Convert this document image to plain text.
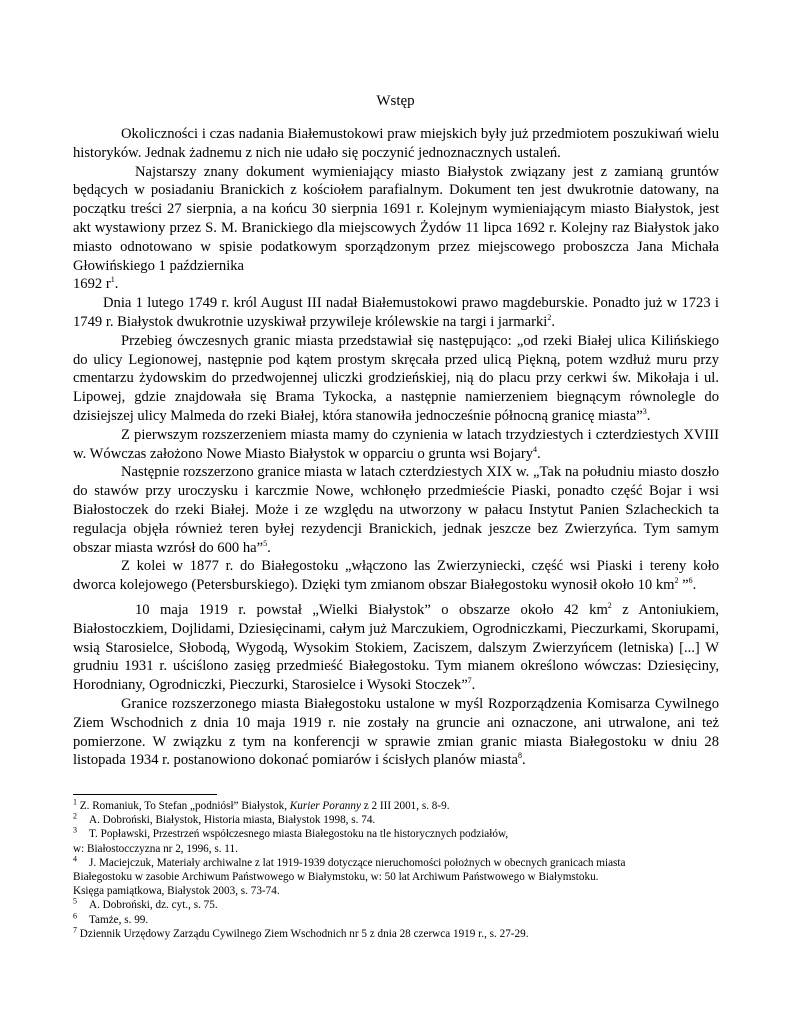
Wstęp

Okoliczności i czas nadania Białemustokowi praw miejskich były już przedmiotem poszukiwań wielu historyków. Jednak żadnemu z nich nie udało się poczynić jednoznacznych ustaleń.

Najstarszy znany dokument wymieniający miasto Białystok związany jest z zamianą gruntów będących w posiadaniu Branickich z kościołem parafialnym. Dokument ten jest dwukrotnie datowany, na początku treści 27 sierpnia, a na końcu 30 sierpnia 1691 r. Kolejnym wymieniającym miasto Białystok, jest akt wystawiony przez S. M. Branickiego dla miejscowych Żydów 11 lipca 1692 r. Kolejny raz Białystok jako miasto odnotowano w spisie podatkowym sporządzonym przez miejscowego proboszcza Jana Michała Głowińskiego 1 października

1692 $r^1$.

Dnia 1 lutego 1749 r. król August III nadał Białemustokowi prawo magdeburskie. Ponadto już w 1723 i 1749 r. Białystok dwukrotnie uzyskiwał przywileje królewskie na targi i jarmarki$^2$.

Przebieg ówczesnych granic miasta przedstawiał się następująco: „od rzeki Białej ulica Kilińskiego do ulicy Legionowej, następnie pod kątem prostym skręcała przed ulicą Piękną, potem wzdłuż muru przy cmentarzu żydowskim do przedwojennej uliczki grodzieńskiej, nią do placu przy cerkwi św. Mikołaja i ul. Lipowej, gdzie znajdowała się Brama Tykocka, a następnie namierzeniem biegnącym równolegle do dzisiejszej ulicy Malmeda do rzeki Białej, która stanowiła jednocześnie północną granicę miasta”$^3$.

Z pierwszym rozszerzeniem miasta mamy do czynienia w latach trzydziestych i czterdziestych XVIII w. Wówczas założono Nowe Miasto Białystok w opparciu o grunta wsi Bojary$^4$.

Następnie rozszerzono granice miasta w latach czterdziestych XIX w. „Tak na południu miasto doszło do stawów przy uroczysku i karczmie Nowe, wchłonęło przedmieście Piaski, ponadto część Bojar i wsi Białostoczek do rzeki Białej. Może i ze względu na utworzony w pałacu Instytut Panien Szlacheckich ta regulacja objęła również teren byłej rezydencji Branickich, jednak jeszcze bez Zwierzyńca. Tym samym obszar miasta wzrósł do 600 ha”$^5$.

Z kolei w 1877 r. do Białegostoku „włączono las Zwierzyniecki, część wsi Piaski i tereny koło dworca kolejowego (Petersburskiego). Dzięki tym zmianom obszar Białegostoku wynosił około 10 $km^2$ ”$^6$.

10 maja 1919 r. powstał „Wielki Białystok” o obszarze około 42 $km^2$ z Antoniukiem, Białostoczkiem, Dojlidami, Dziesięcinami, całym już Marczukiem, Ogrodniczkami, Pieczurkami, Skorupami, wsią Starosielce, Słobodą, Wygodą, Wysokim Stokiem, Zaciszem, dalszym Zwierzyńcem (letniska) [...] W grudniu 1931 r. uściślono zasięg przedmieść Białegostoku. Tym mianem określono wówczas: Dziesięciny, Horodniany, Ogrodniczki, Pieczurki, Starosielce i Wysoki Stoczek”$^7$.

Granice rozszerzonego miasta Białegostoku ustalone w myśl Rozporządzenia Komisarza Cywilnego Ziem Wschodnich z dnia 10 maja 1919 r. nie zostały na gruncie ani oznaczone, ani utrwalone, ani też pomierzone. W związku z tym na konferencji w sprawie zmian granic miasta Białegostoku w dniu 28 listopada 1934 r. postanowiono dokonać pomiarów i ścisłych planów miasta$^8$.

$^1$ Z. Romaniuk, To Stefan „podniósł” Białystok, Kurier Poranny z 2 III 2001, s. 8-9.
$^2$ A. Dobroński, Białystok, Historia miasta, Białystok 1998, s. 74.
$^3$ T. Popławski, Przestrzeń współczesnego miasta Białegostoku na tle historycznych podziałów,
w: Białostocczyzna nr 2, 1996, s. 11.
$^4$ J. Maciejczuk, Materiały archiwalne z lat 1919-1939 dotyczące nieruchomości położnych w obecnych granicach miasta
Białegostoku w zasobie Archiwum Państwowego w Białymstoku, w: 50 lat Archiwum Państwowego w Białymstoku.
Księga pamiątkowa, Białystok 2003, s. 73-74.
$^5$ A. Dobroński, dz. cyt., s. 75.
$^6$ Tamże, s. 99.
$^7$ Dziennik Urzędowy Zarządu Cywilnego Ziem Wschodnich nr 5 z dnia 28 czerwca 1919 r., s. 27-29.
